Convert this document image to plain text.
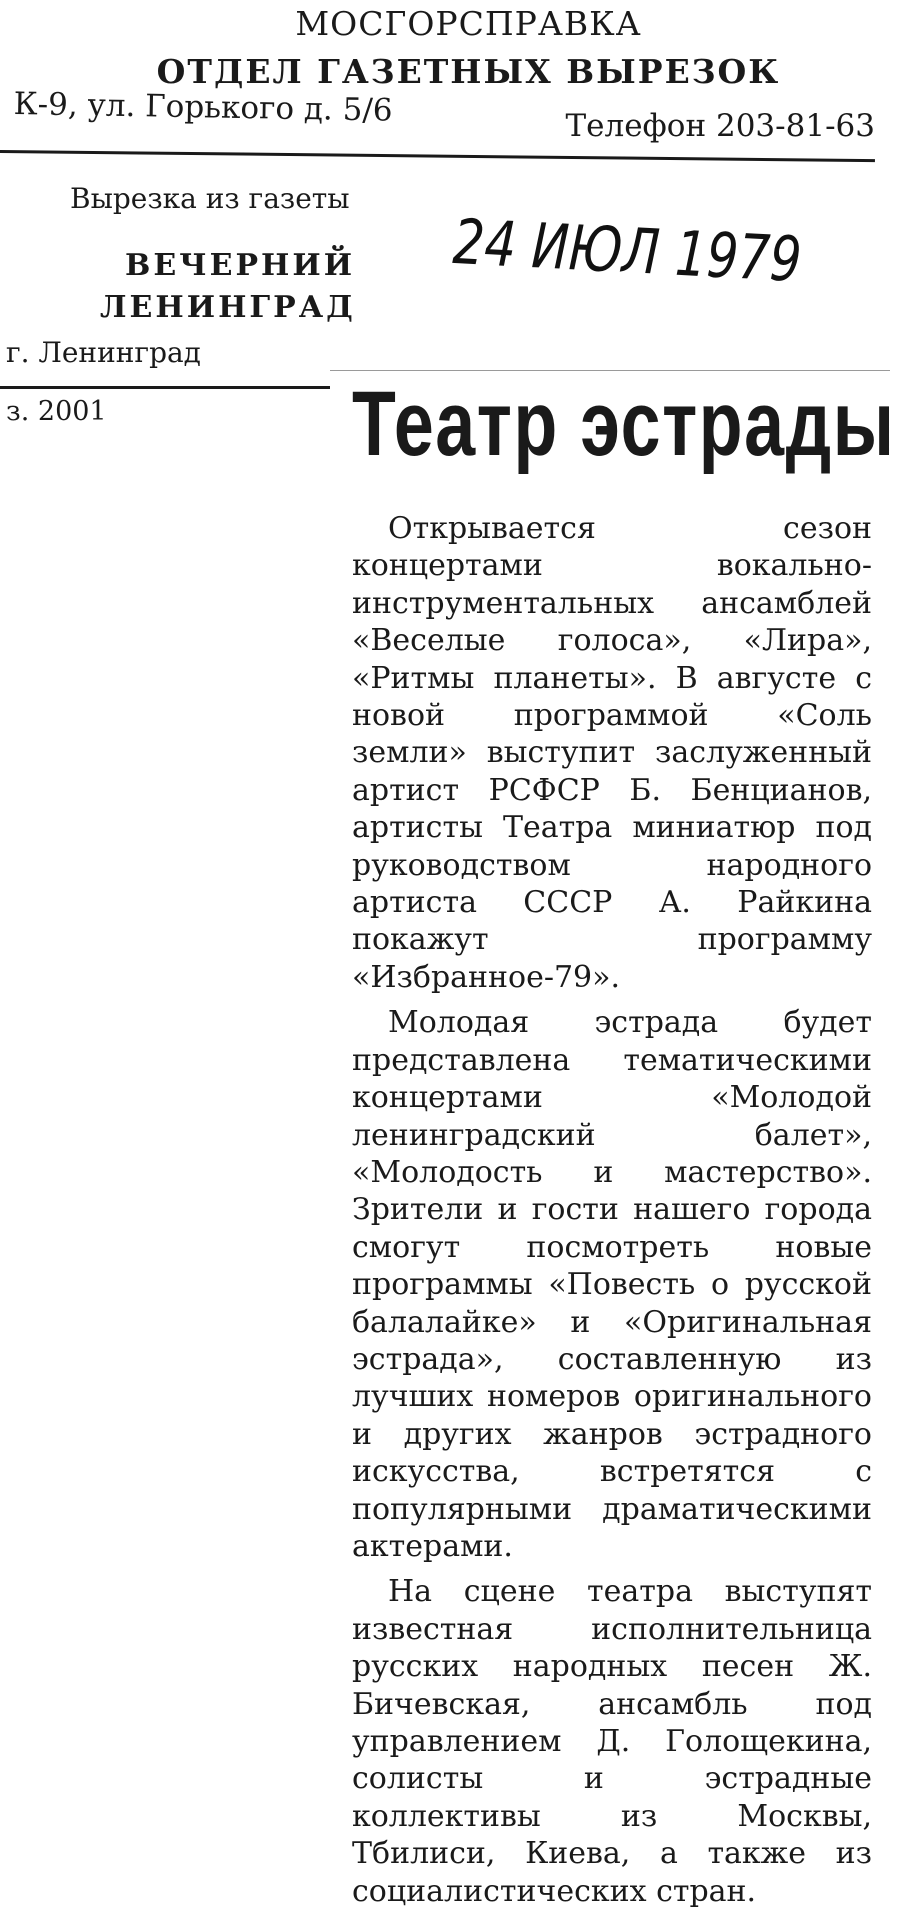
МОСГОРСПРАВКА
ОТДЕЛ ГАЗЕТНЫХ ВЫРЕЗОК
К-9, ул. Горького д. 5/6	Телефон 203-81-63
Вырезка из газеты
ВЕЧЕРНИЙ
ЛЕНИНГРАД
24 ИЮЛ 1979
г. Ленинград
з. 2001	Театр эстрады

Открывается сезон концертами вокально-инструментальных ансамблей «Веселые голоса», «Лира», «Ритмы планеты». В августе с новой программой «Соль земли» выступит заслуженный артист РСФСР Б. Бенцианов, артисты Театра миниатюр под руководством народного артиста СССР А. Райкина покажут программу «Избранное-79».

Молодая эстрада будет представлена тематическими концертами «Молодой ленинградский балет», «Молодость и мастерство». Зрители и гости нашего города смогут посмотреть новые программы «Повесть о русской балалайке» и «Оригинальная эстрада», составленную из лучших номеров оригинального и других жанров эстрадного искусства, встретятся с популярными драматическими актерами.

На сцене театра выступят известная исполнительница русских народных песен Ж. Бичевская, ансамбль под управлением Д. Голощекина, солисты и эстрадные коллективы из Москвы, Тбилиси, Киева, а также из социалистических стран.
